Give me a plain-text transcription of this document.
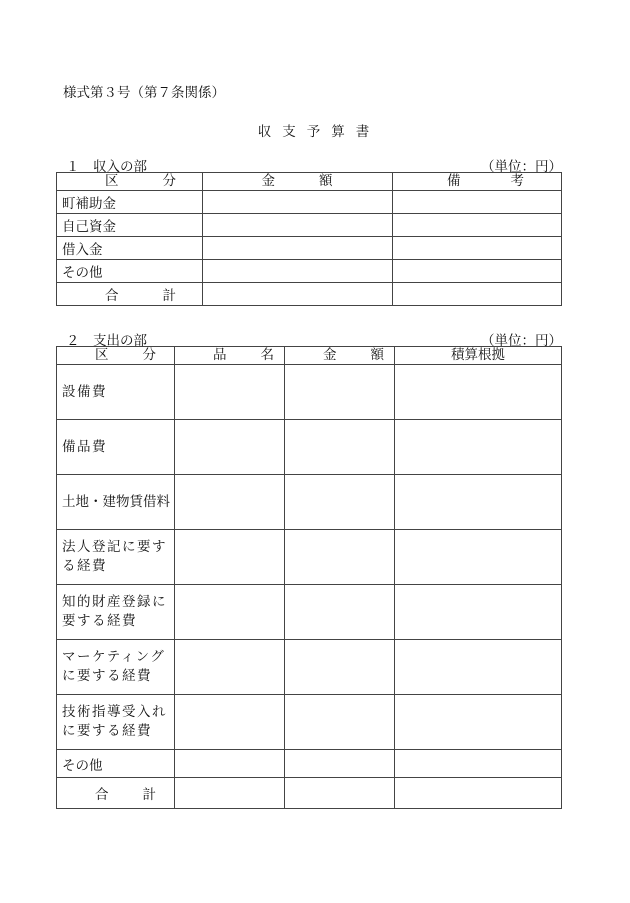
様式第３号（第７条関係）
収支予算書
１　収入の部	（単位：円）
区分	金額	備考
町補助金		
自己資金		
借入金		
その他		
合計		
２　支出の部	（単位：円）
区分	品名	金額	積算根拠
設備費			
備品費			
土地・建物賃借料			
法人登記に要する経費			
知的財産登録に要する経費			
マーケティングに要する経費			
技術指導受入れに要する経費			
その他			
合計			
